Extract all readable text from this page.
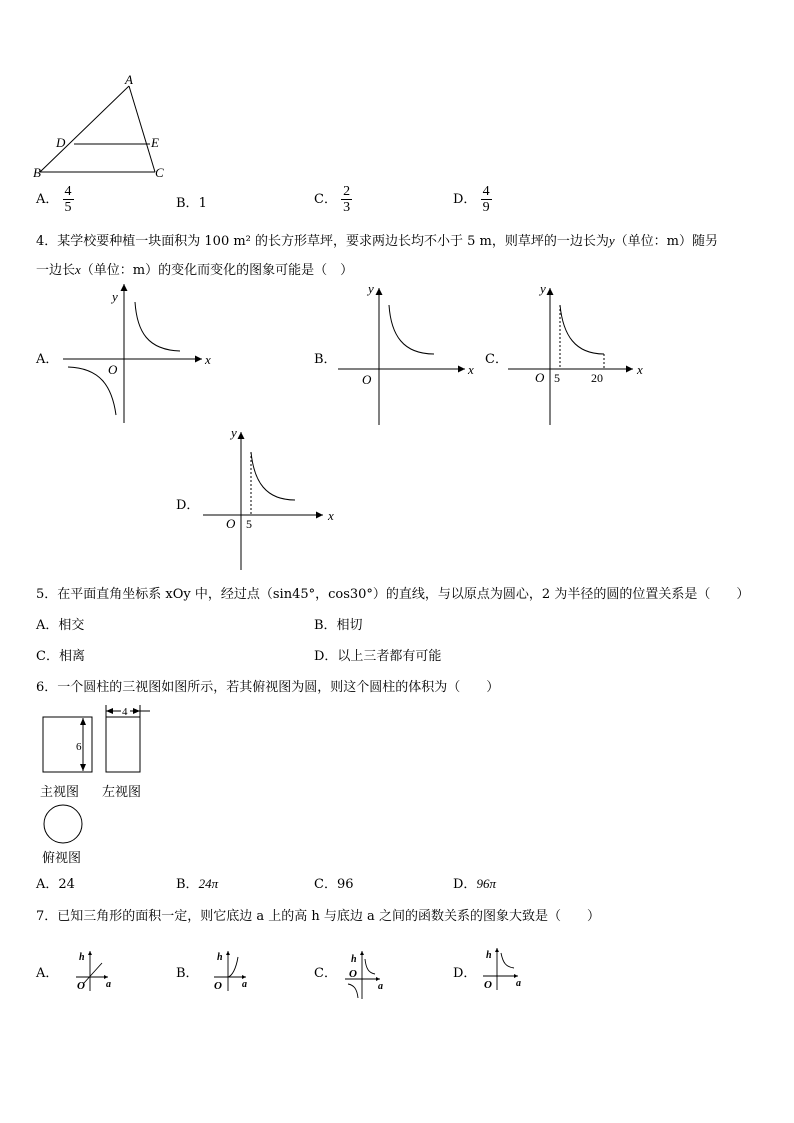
A
D	E
B	C
A． $\frac{4}{5}$	B．1	C． $\frac{2}{3}$	D． $\frac{4}{9}$
4．某学校要种植一块面积为 100 m² 的长方形草坪，要求两边长均不小于 5 m，则草坪的一边长为y（单位：m）随另
一边长x（单位：m）的变化而变化的图象可能是（　）
A．	B．	C．
D．
y
x
O
y
x
O
y
x
O 5	20
y
x
O 5
5．在平面直角坐标系 xOy 中，经过点（sin45°，cos30°）的直线，与以原点为圆心，2 为半径的圆的位置关系是（　　）
A．相交	B．相切
C．相离	D．以上三者都有可能
6．一个圆柱的三视图如图所示，若其俯视图为圆，则这个圆柱的体积为（　　）
4
6
主视图 左视图
俯视图
A．24	B．24π	C．96	D．96π
7．已知三角形的面积一定，则它底边 a 上的高 h 与底边 a 之间的函数关系的图象大致是（　　）
A．	B．	C．	D．
h
a
O
h
a
O
h
a
O
h
a
O
